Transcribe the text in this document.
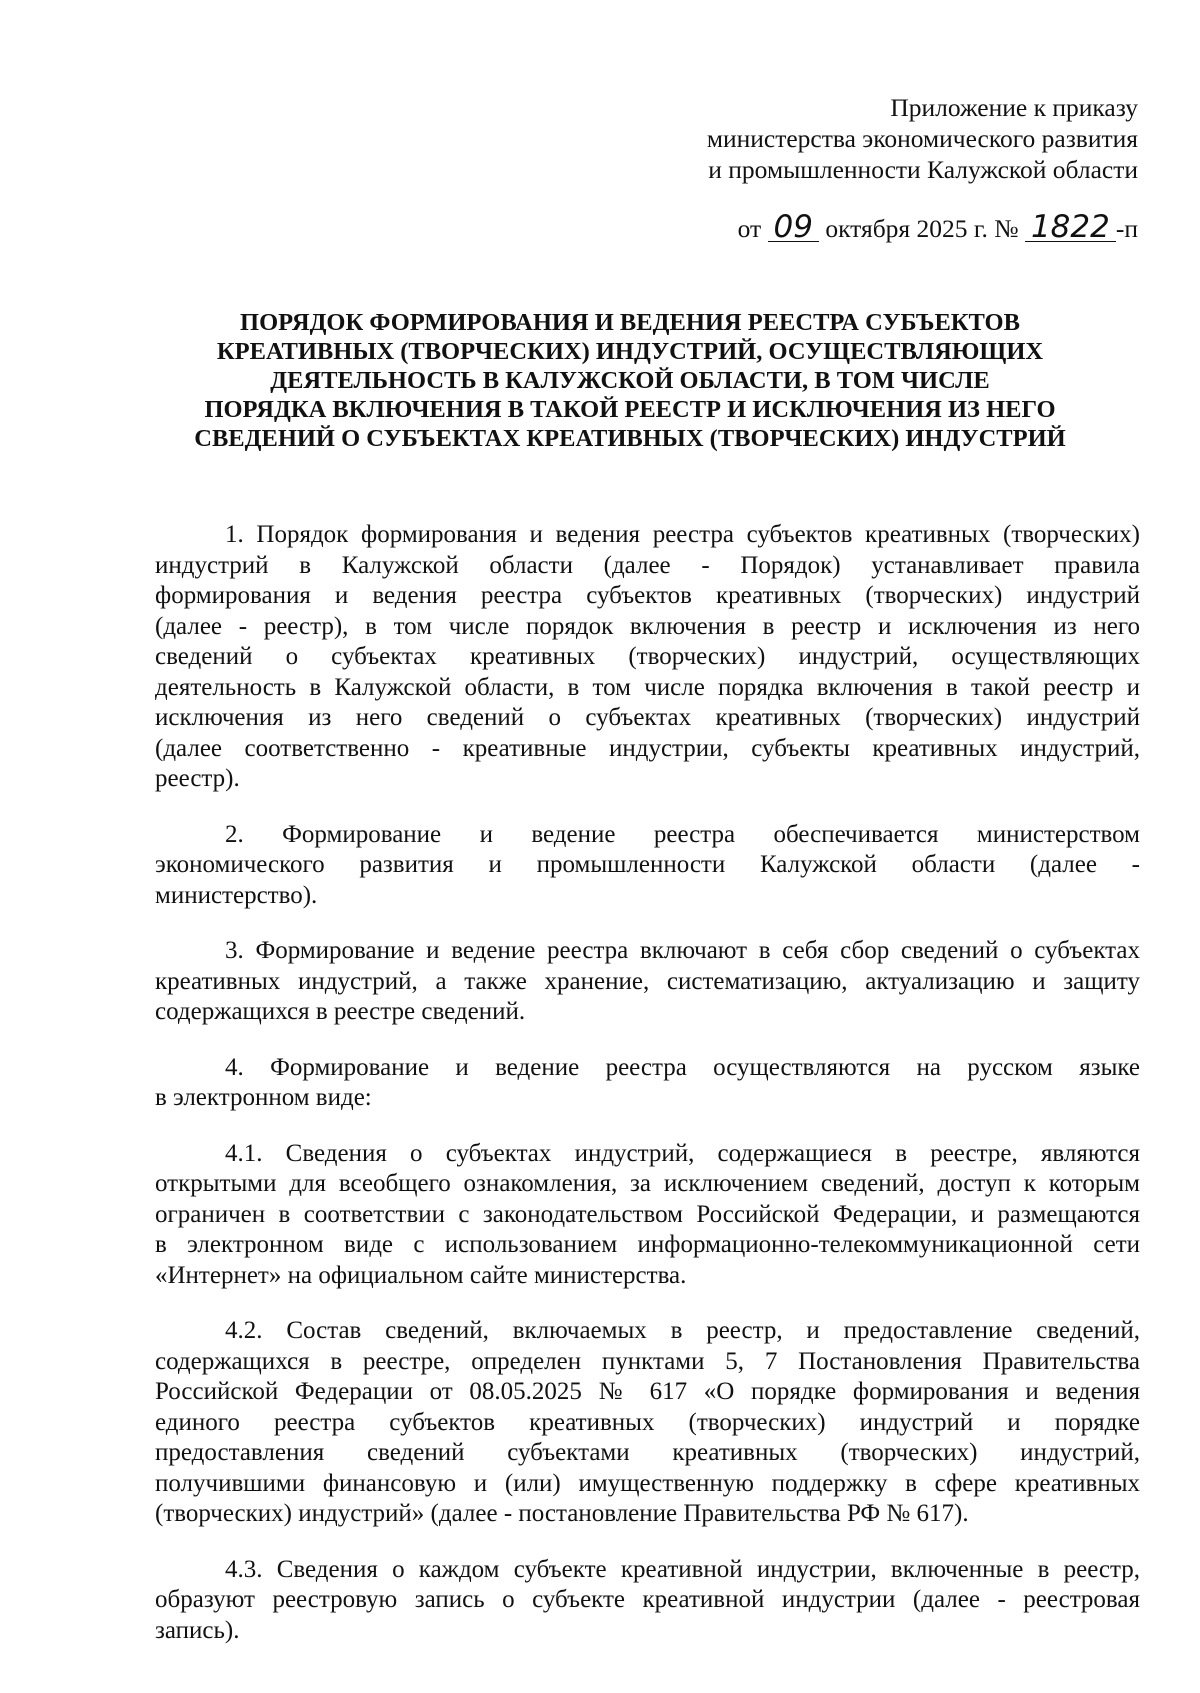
Приложение к приказу
министерства экономического развития
и промышленности Калужской области
от 09 октября 2025 г. № 1822 -п
ПОРЯДОК ФОРМИРОВАНИЯ И ВЕДЕНИЯ РЕЕСТРА СУБЪЕКТОВ
КРЕАТИВНЫХ (ТВОРЧЕСКИХ) ИНДУСТРИЙ, ОСУЩЕСТВЛЯЮЩИХ
ДЕЯТЕЛЬНОСТЬ В КАЛУЖСКОЙ ОБЛАСТИ, В ТОМ ЧИСЛЕ
ПОРЯДКА ВКЛЮЧЕНИЯ В ТАКОЙ РЕЕСТР И ИСКЛЮЧЕНИЯ ИЗ НЕГО
СВЕДЕНИЙ О СУБЪЕКТАХ КРЕАТИВНЫХ (ТВОРЧЕСКИХ) ИНДУСТРИЙ
1. Порядок формирования и ведения реестра субъектов креативных (творческих)
индустрий в Калужской области (далее - Порядок) устанавливает правила
формирования и ведения реестра субъектов креативных (творческих) индустрий
(далее - реестр), в том числе порядок включения в реестр и исключения из него
сведений о субъектах креативных (творческих) индустрий, осуществляющих
деятельность в Калужской области, в том числе порядка включения в такой реестр и
исключения из него сведений о субъектах креативных (творческих) индустрий
(далее соответственно - креативные индустрии, субъекты креативных индустрий,
реестр).
2. Формирование и ведение реестра обеспечивается министерством
экономического развития и промышленности Калужской области (далее -
министерство).
3. Формирование и ведение реестра включают в себя сбор сведений о субъектах
креативных индустрий, а также хранение, систематизацию, актуализацию и защиту
содержащихся в реестре сведений.
4. Формирование и ведение реестра осуществляются на русском языке
в электронном виде:
4.1. Сведения о субъектах индустрий, содержащиеся в реестре, являются
открытыми для всеобщего ознакомления, за исключением сведений, доступ к которым
ограничен в соответствии с законодательством Российской Федерации, и размещаются
в электронном виде с использованием информационно-телекоммуникационной сети
«Интернет» на официальном сайте министерства.
4.2. Состав сведений, включаемых в реестр, и предоставление сведений,
содержащихся в реестре, определен пунктами 5, 7 Постановления Правительства
Российской Федерации от 08.05.2025 № 617 «О порядке формирования и ведения
единого реестра субъектов креативных (творческих) индустрий и порядке
предоставления сведений субъектами креативных (творческих) индустрий,
получившими финансовую и (или) имущественную поддержку в сфере креативных
(творческих) индустрий» (далее - постановление Правительства РФ № 617).
4.3. Сведения о каждом субъекте креативной индустрии, включенные в реестр,
образуют реестровую запись о субъекте креативной индустрии (далее - реестровая
запись).
